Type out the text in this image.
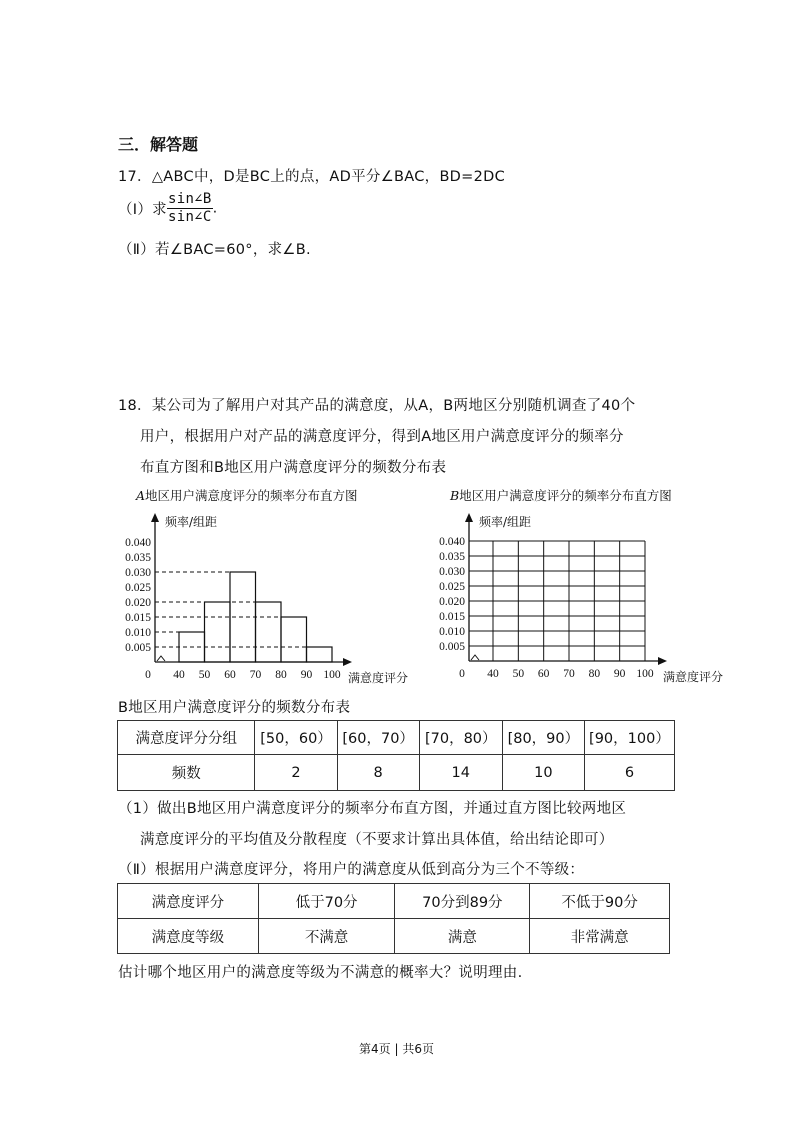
三．解答题
17．△ABC中，D是BC上的点，AD平分∠BAC，BD=2DC
（Ⅰ）求 $\frac{\sin\angle B}{\sin\angle C}$ .
（Ⅱ）若∠BAC=60°，求∠B.
18．某公司为了解用户对其产品的满意度，从A，B两地区分别随机调查了40个
用户，根据用户对产品的满意度评分，得到A地区用户满意度评分的频率分
布直方图和B地区用户满意度评分的频数分布表
A地区用户满意度评分的频率分布直方图	B地区用户满意度评分的频率分布直方图
0.005
0.010
0.015
0.020
0.025
0.030
0.035
0.040
0 40 50 60 70 80 90 100
频率/组距
满意度评分
0.005
0.010
0.015
0.020
0.025
0.030
0.035
0.040
0 40 50 60 70 80 90 100
频率/组距
满意度评分
B地区用户满意度评分的频数分布表
满意度评分分组	[50，60）	[60，70）	[70，80）	[80，90）	[90，100）
频数	2	8	14	10	6
（1）做出B地区用户满意度评分的频率分布直方图，并通过直方图比较两地区
满意度评分的平均值及分散程度（不要求计算出具体值，给出结论即可）
（Ⅱ）根据用户满意度评分，将用户的满意度从低到高分为三个不等级：
满意度评分	低于70分	70分到89分	不低于90分
满意度等级	不满意	满意	非常满意
估计哪个地区用户的满意度等级为不满意的概率大？说明理由.
第4页 | 共6页
